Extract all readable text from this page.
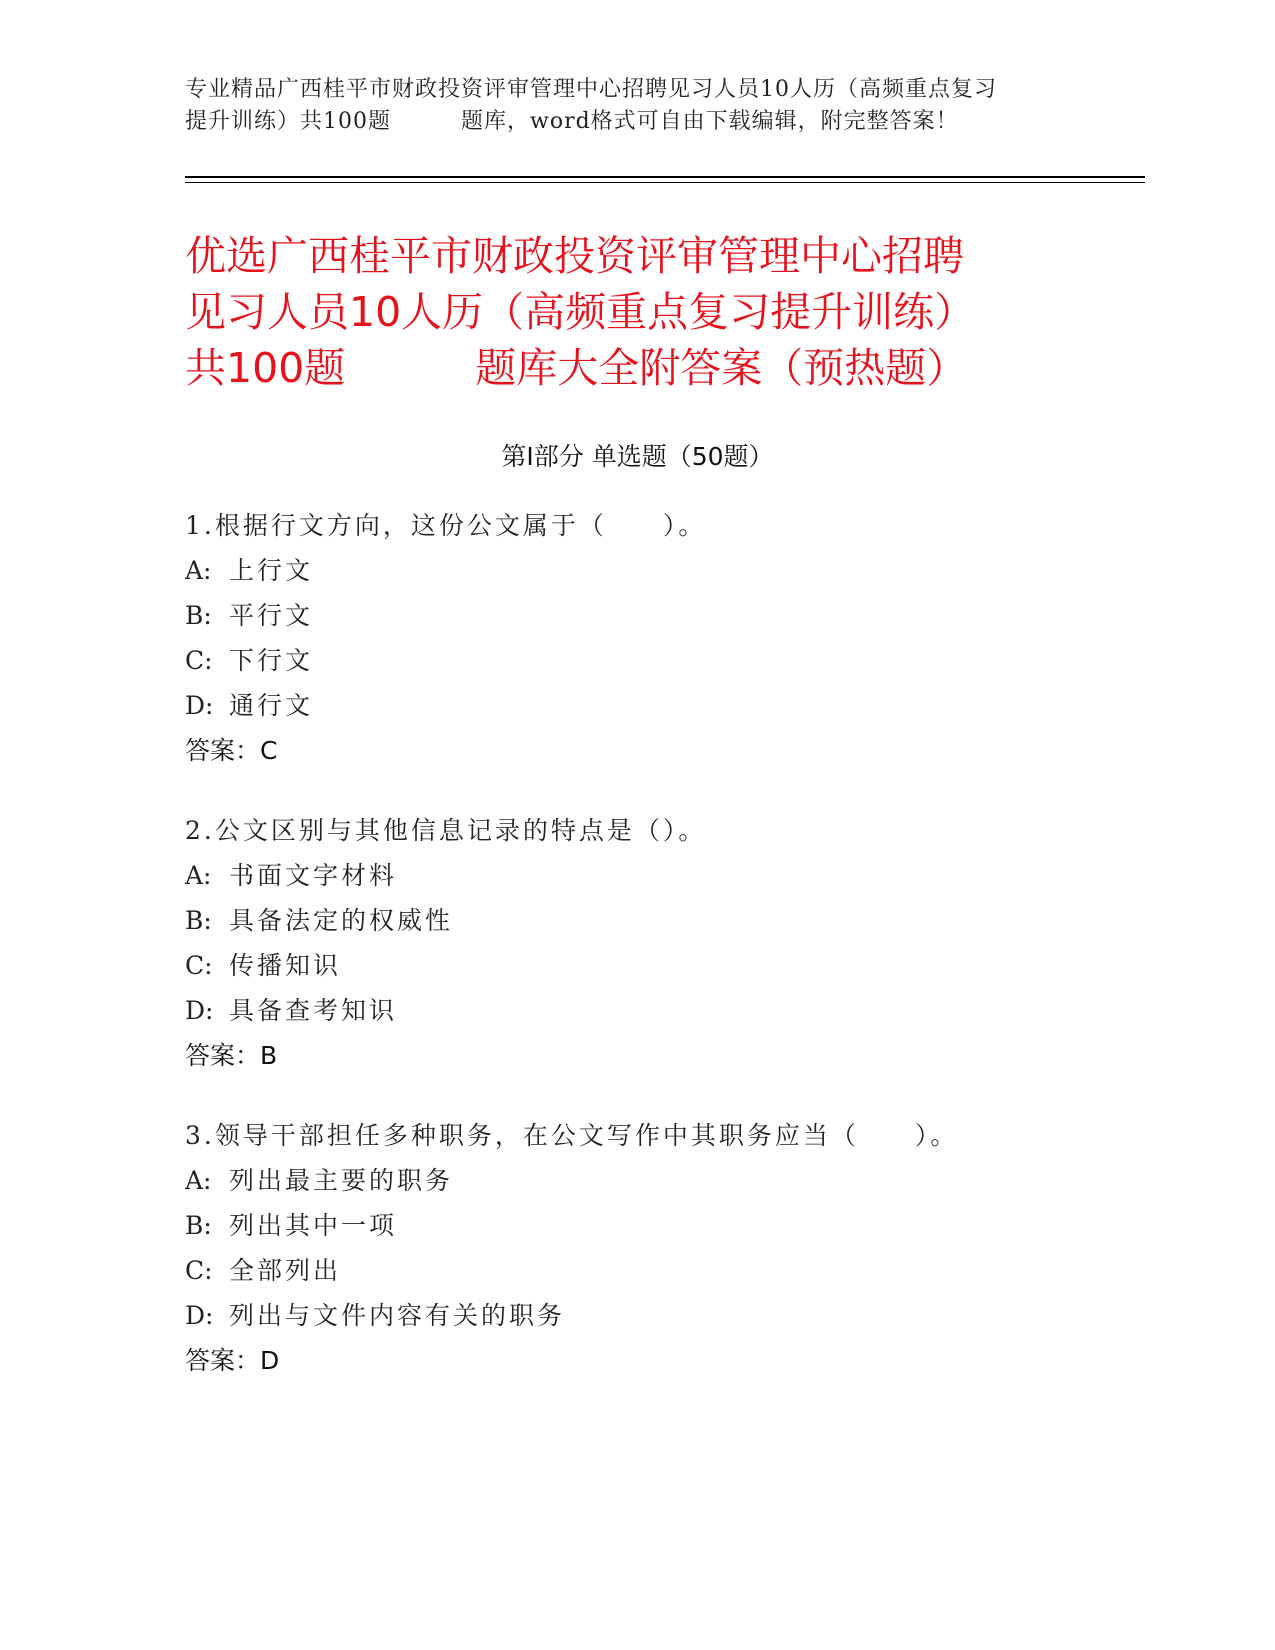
专业精品广西桂平市财政投资评审管理中心招聘见习人员10人历（高频重点复习
提升训练）共100题	题库，word格式可自由下载编辑，附完整答案！
优选广西桂平市财政投资评审管理中心招聘
见习人员10人历（高频重点复习提升训练）
共100题	题库大全附答案（预热题）
第Ⅰ部分 单选题（50题）
1.根据行文方向，这份公文属于（　　）。
A: 上行文
B: 平行文
C: 下行文
D: 通行文
答案：C
2.公文区别与其他信息记录的特点是（）。
A: 书面文字材料
B: 具备法定的权威性
C: 传播知识
D: 具备查考知识
答案：B
3.领导干部担任多种职务，在公文写作中其职务应当（　　）。
A: 列出最主要的职务
B: 列出其中一项
C: 全部列出
D: 列出与文件内容有关的职务
答案：D
